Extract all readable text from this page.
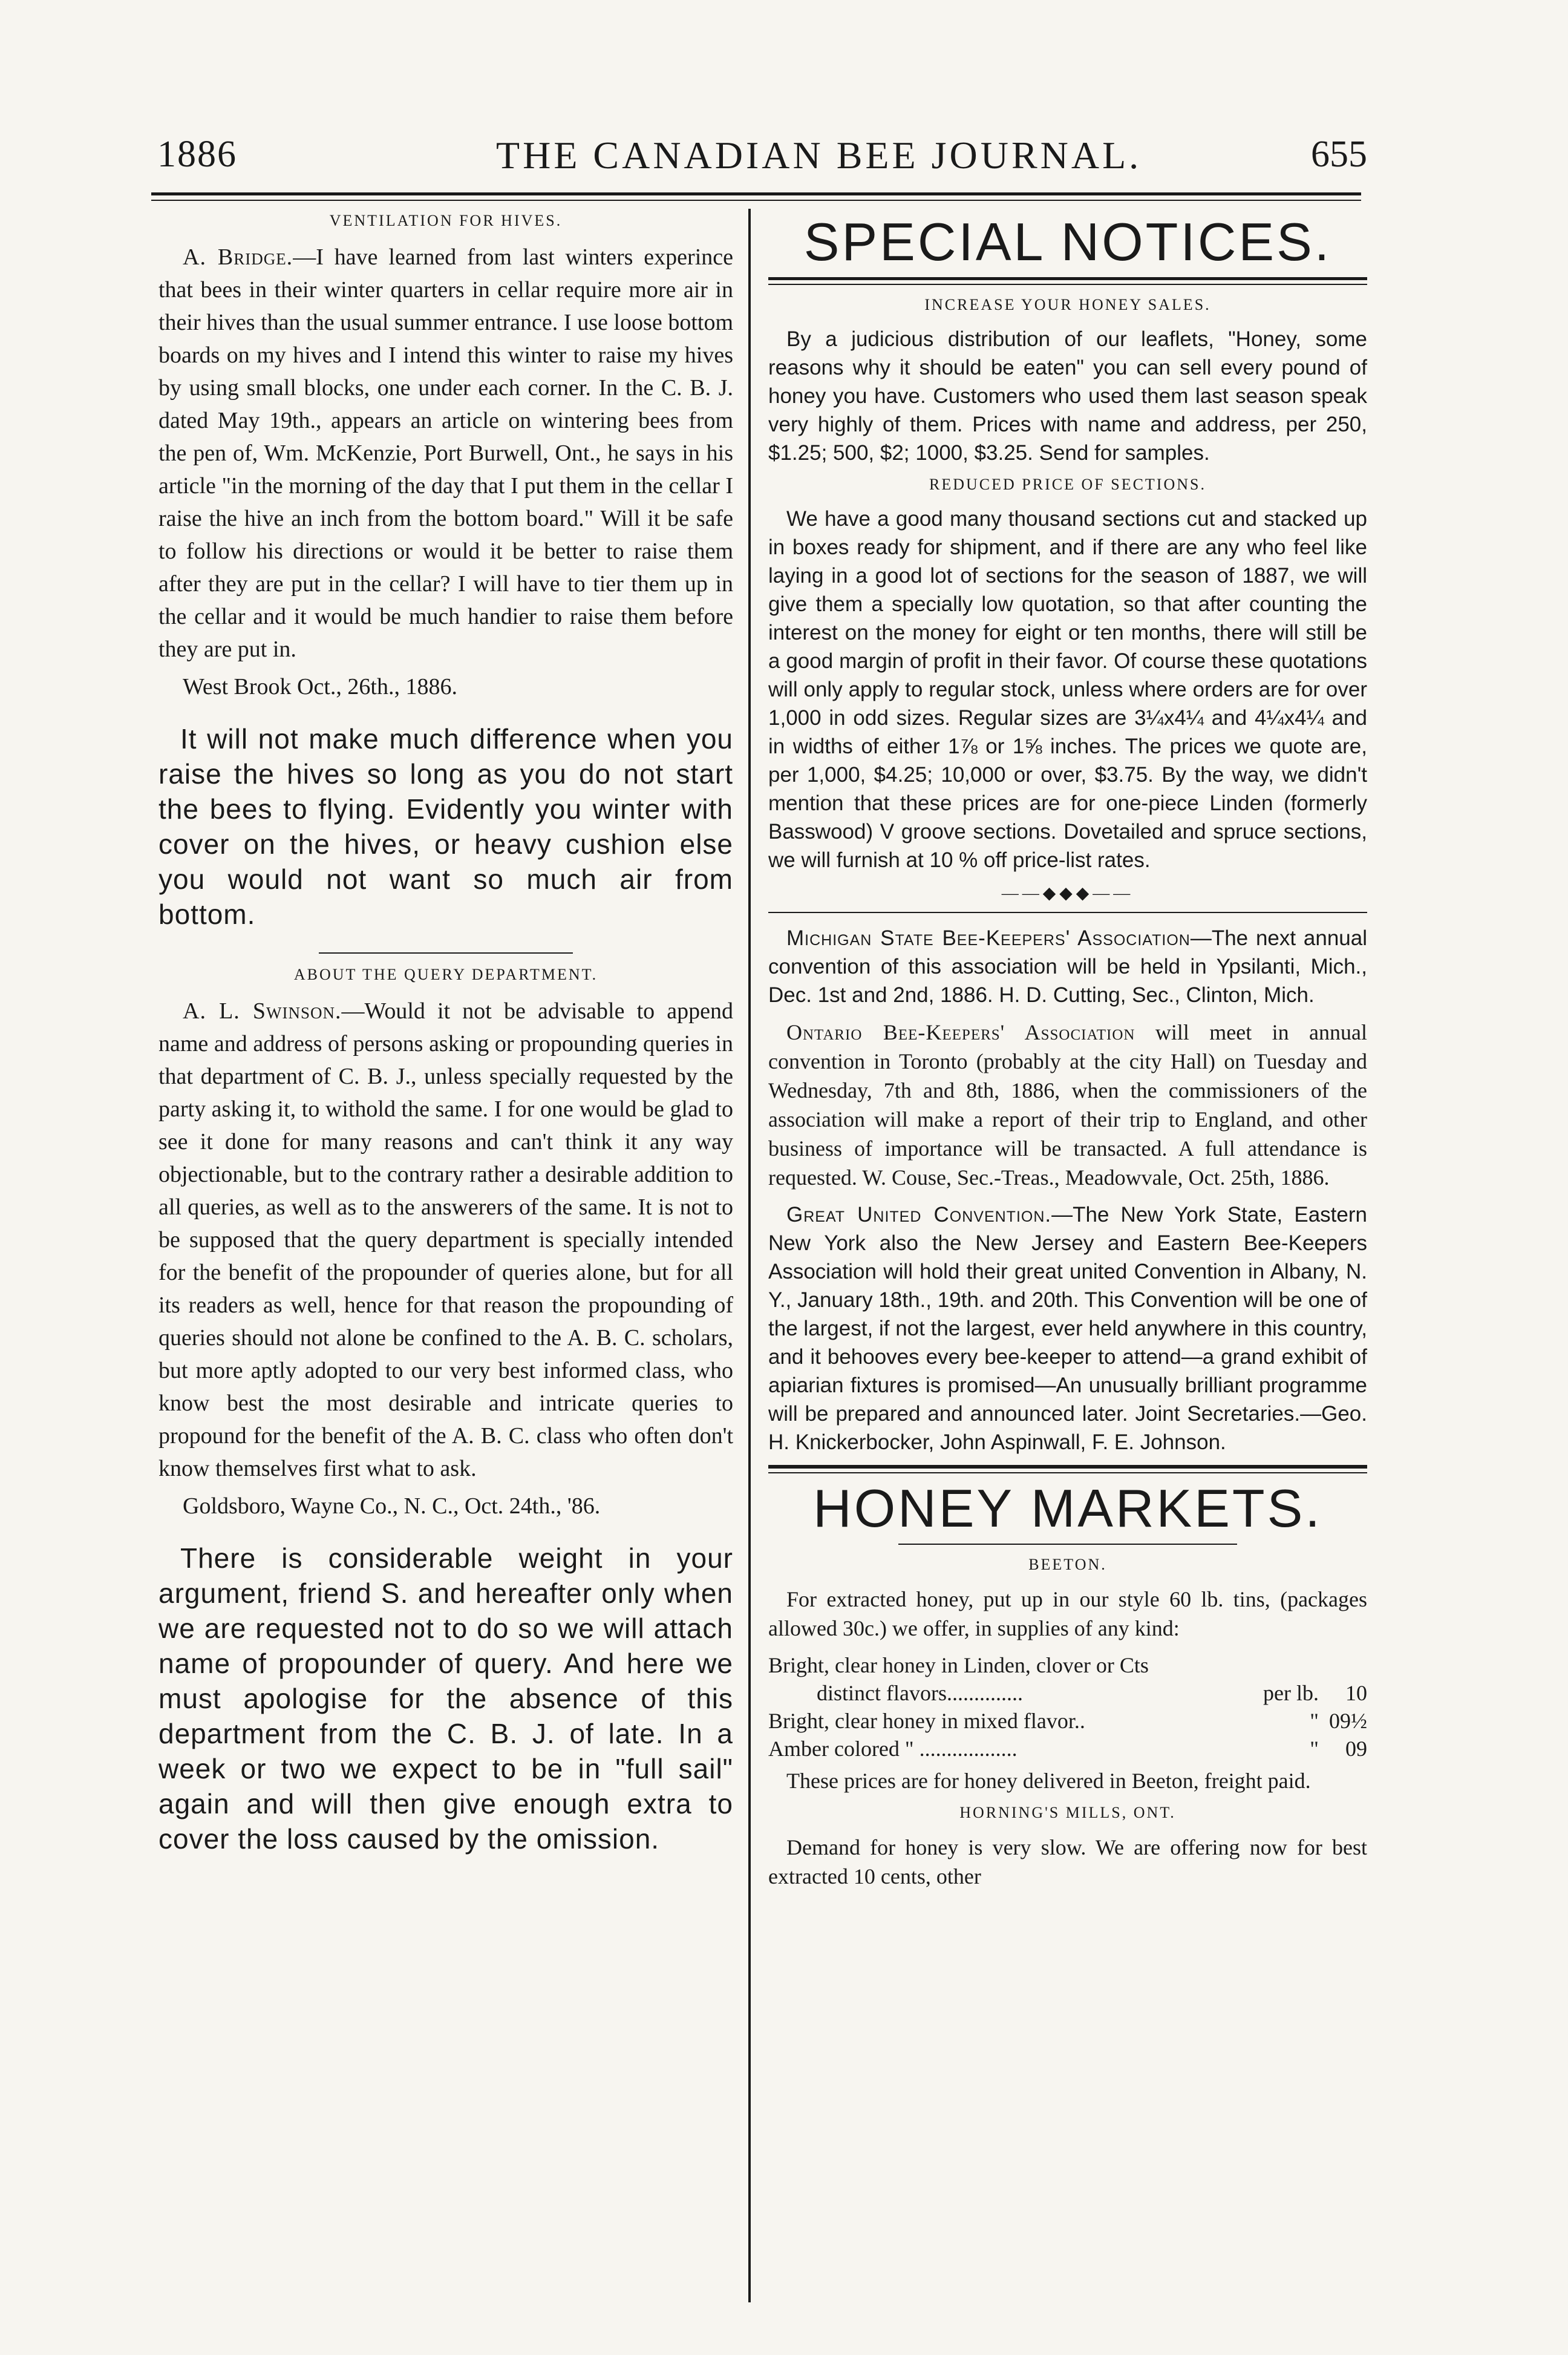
1886	THE CANADIAN BEE JOURNAL.	655
VENTILATION FOR HIVES.

A. Bridge.—I have learned from last winters experince that bees in their winter quarters in cellar require more air in their hives than the usual summer entrance. I use loose bottom boards on my hives and I intend this winter to raise my hives by using small blocks, one under each corner. In the C. B. J. dated May 19th., appears an article on wintering bees from the pen of, Wm. McKenzie, Port Burwell, Ont., he says in his article "in the morning of the day that I put them in the cellar I raise the hive an inch from the bottom board." Will it be safe to follow his directions or would it be better to raise them after they are put in the cellar? I will have to tier them up in the cellar and it would be much handier to raise them before they are put in.

West Brook Oct., 26th., 1886.

It will not make much difference when you raise the hives so long as you do not start the bees to flying. Evidently you winter with cover on the hives, or heavy cushion else you would not want so much air from bottom.

ABOUT THE QUERY DEPARTMENT.

A. L. Swinson.—Would it not be advisable to append name and address of persons asking or propounding queries in that department of C. B. J., unless specially requested by the party asking it, to withold the same. I for one would be glad to see it done for many reasons and can't think it any way objectionable, but to the contrary rather a desirable addition to all queries, as well as to the answerers of the same. It is not to be supposed that the query department is specially intended for the benefit of the propounder of queries alone, but for all its readers as well, hence for that reason the propounding of queries should not alone be confined to the A. B. C. scholars, but more aptly adopted to our very best informed class, who know best the most desirable and intricate queries to propound for the benefit of the A. B. C. class who often don't know themselves first what to ask.

Goldsboro, Wayne Co., N. C., Oct. 24th., '86.

There is considerable weight in your argument, friend S. and hereafter only when we are requested not to do so we will attach name of propounder of query. And here we must apologise for the absence of this department from the C. B. J. of late. In a week or two we expect to be in "full sail" again and will then give enough extra to cover the loss caused by the omission.

SPECIAL NOTICES.
INCREASE YOUR HONEY SALES.

By a judicious distribution of our leaflets, "Honey, some reasons why it should be eaten" you can sell every pound of honey you have. Customers who used them last season speak very highly of them. Prices with name and address, per 250, $1.25; 500, $2; 1000, $3.25. Send for samples.

REDUCED PRICE OF SECTIONS.

We have a good many thousand sections cut and stacked up in boxes ready for shipment, and if there are any who feel like laying in a good lot of sections for the season of 1887, we will give them a specially low quotation, so that after counting the interest on the money for eight or ten months, there will still be a good margin of profit in their favor. Of course these quotations will only apply to regular stock, unless where orders are for over 1,000 in odd sizes. Regular sizes are 3¼x4¼ and 4¼x4¼ and in widths of either 1⅞ or 1⅝ inches. The prices we quote are, per 1,000, $4.25; 10,000 or over, $3.75. By the way, we didn't mention that these prices are for one-piece Linden (formerly Basswood) V groove sections. Dovetailed and spruce sections, we will furnish at 10 % off price-list rates.

——◆◆◆——

Michigan State Bee-Keepers' Association—The next annual convention of this association will be held in Ypsilanti, Mich., Dec. 1st and 2nd, 1886. H. D. Cutting, Sec., Clinton, Mich.

Ontario Bee-Keepers' Association will meet in annual convention in Toronto (probably at the city Hall) on Tuesday and Wednesday, 7th and 8th, 1886, when the commissioners of the association will make a report of their trip to England, and other business of importance will be transacted. A full attendance is requested. W. Couse, Sec.-Treas., Meadowvale, Oct. 25th, 1886.

Great United Convention.—The New York State, Eastern New York also the New Jersey and Eastern Bee-Keepers Association will hold their great united Convention in Albany, N. Y., January 18th., 19th. and 20th. This Convention will be one of the largest, if not the largest, ever held anywhere in this country, and it behooves every bee-keeper to attend—a grand exhibit of apiarian fixtures is promised—An unusually brilliant programme will be prepared and announced later. Joint Secretaries.—Geo. H. Knickerbocker, John Aspinwall, F. E. Johnson.

HONEY MARKETS.
BEETON.

For extracted honey, put up in our style 60 lb. tins, (packages allowed 30c.) we offer, in supplies of any kind:

Bright, clear honey in Linden, clover or Cts
distinct flavors..............	per lb.	10
Bright, clear honey in mixed flavor..	" 09½
Amber colored " ..................	"	09

These prices are for honey delivered in Beeton, freight paid.

HORNING'S MILLS, ONT.

Demand for honey is very slow. We are offering now for best extracted 10 cents, other
